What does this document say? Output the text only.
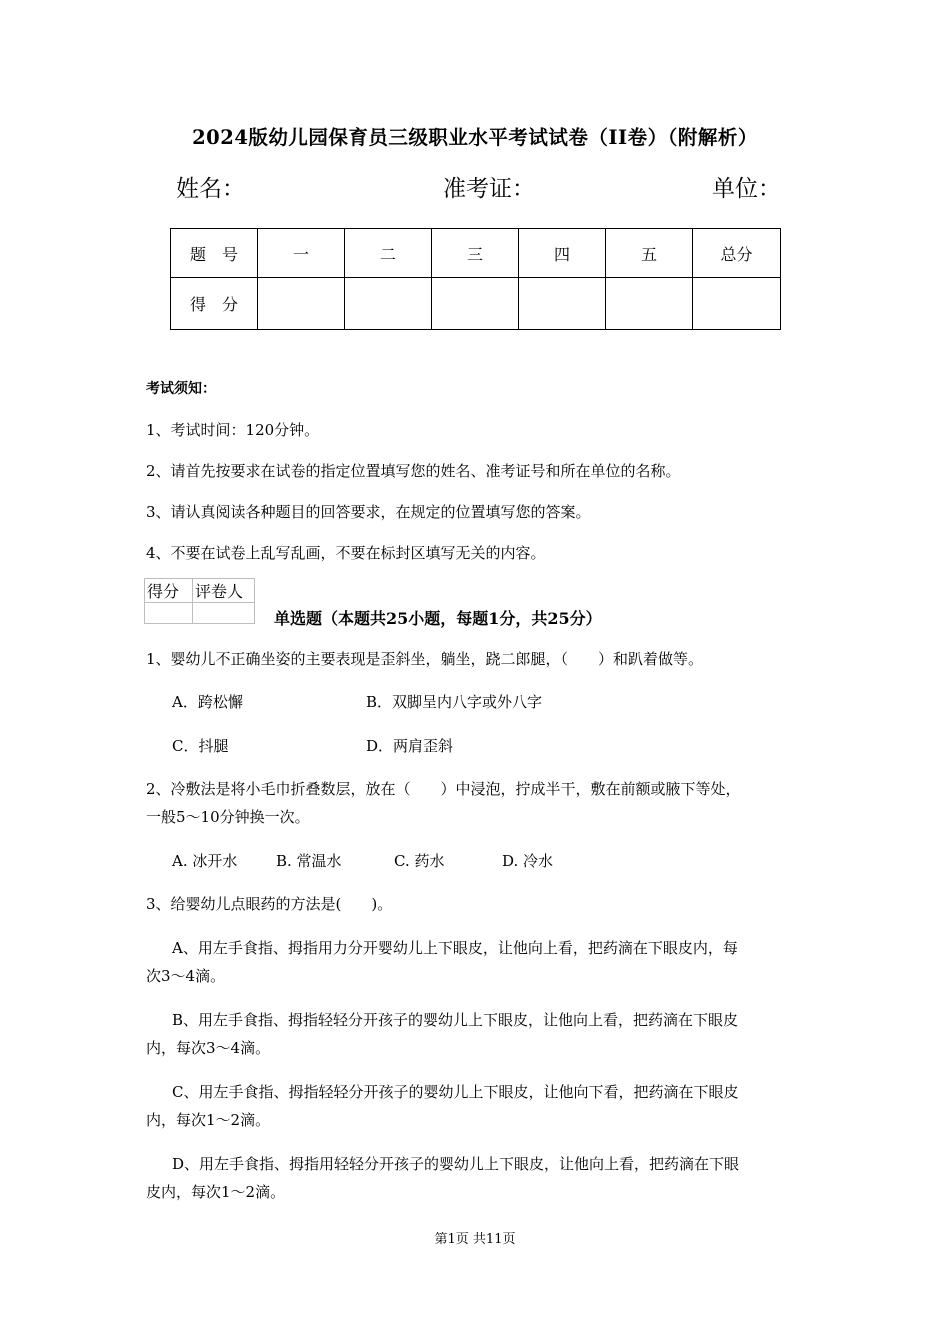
2024版幼儿园保育员三级职业水平考试试卷（II卷）（附解析）
姓名：	准考证：	单位：
题　号	一	二	三	四	五	总分
得　分						
考试须知：
1、考试时间：120分钟。
2、请首先按要求在试卷的指定位置填写您的姓名、准考证号和所在单位的名称。
3、请认真阅读各种题目的回答要求，在规定的位置填写您的答案。
4、不要在试卷上乱写乱画，不要在标封区填写无关的内容。
得分	评卷人

单选题（本题共25小题，每题1分，共25分）
1、婴幼儿不正确坐姿的主要表现是歪斜坐，躺坐，跷二郎腿，（　　）和趴着做等。
A．跨松懈	B．双脚呈内八字或外八字
C．抖腿	D．两肩歪斜
2、冷敷法是将小毛巾折叠数层，放在（　　）中浸泡，拧成半干，敷在前额或腋下等处，
一般5～10分钟换一次。
A. 冰开水	B. 常温水	C. 药水	D. 冷水
3、给婴幼儿点眼药的方法是(　　)。
A、用左手食指、拇指用力分开婴幼儿上下眼皮，让他向上看，把药滴在下眼皮内，每
次3～4滴。
B、用左手食指、拇指轻轻分开孩子的婴幼儿上下眼皮，让他向上看，把药滴在下眼皮
内，每次3～4滴。
C、用左手食指、拇指轻轻分开孩子的婴幼儿上下眼皮，让他向下看，把药滴在下眼皮
内，每次1～2滴。
D、用左手食指、拇指用轻轻分开孩子的婴幼儿上下眼皮，让他向上看，把药滴在下眼
皮内，每次1～2滴。
第1页 共11页
